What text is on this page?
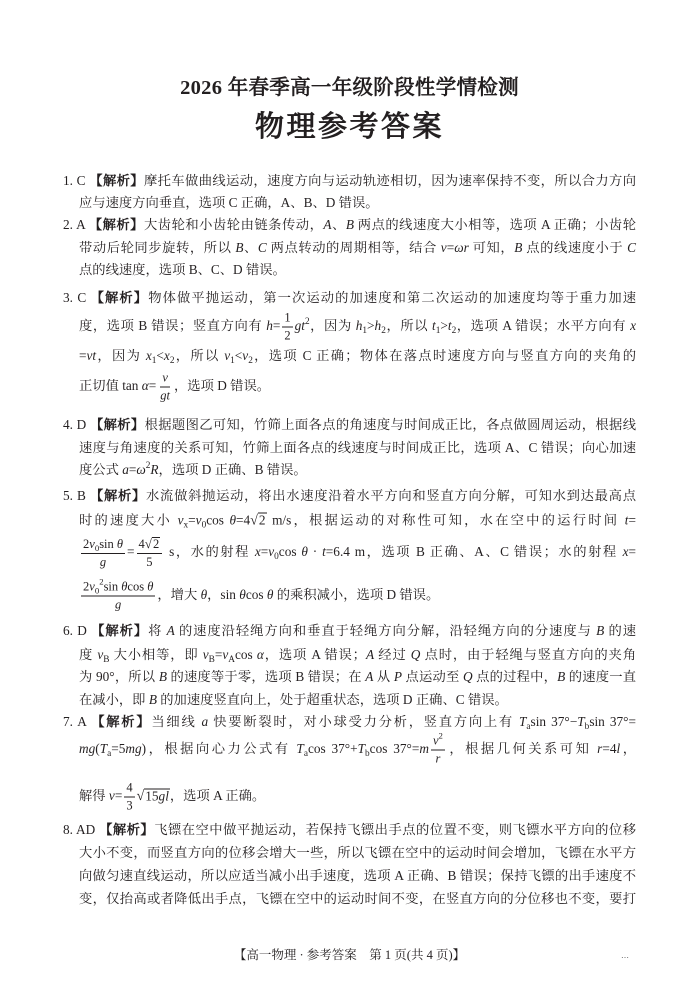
2026 年春季高一年级阶段性学情检测
物理参考答案
1. C 【解析】摩托车做曲线运动，速度方向与运动轨迹相切，因为速率保持不变，所以合力方向
应与速度方向垂直，选项 C 正确，A、B、D 错误。
2. A 【解析】大齿轮和小齿轮由链条传动，A、B 两点的线速度大小相等，选项 A 正确；小齿轮
带动后轮同步旋转，所以 B、C 两点转动的周期相等，结合 v=ωr 可知，B 点的线速度小于 C
点的线速度，选项 B、C、D 错误。
3. C 【解析】物体做平抛运动，第一次运动的加速度和第二次运动的加速度均等于重力加速
度，选项 B 错误；竖直方向有 $h= \frac{1}{2} gt^2$，因为 $h_1>h_2$，所以 $t_1>t_2$，选项 A 错误；水平方向有 x
=vt，因为 $x_1<x_2$，所以 $v_1<v_2$，选项 C 正确；物体在落点时速度方向与竖直方向的夹角的
正切值 $\tan \alpha= \frac{v}{gt}$ ，选项 D 错误。
4. D 【解析】根据题图乙可知，竹筛上面各点的角速度与时间成正比，各点做圆周运动，根据线
速度与角速度的关系可知，竹筛上面各点的线速度与时间成正比，选项 A、C 错误；向心加速
度公式 $a=\omega^2R$，选项 D 正确、B 错误。
5. B 【解析】水流做斜抛运动，将出水速度沿着水平方向和竖直方向分解，可知水到达最高点
时的速度大小 $v_x=v_0\cos$ θ=4√2 m/s，根据运动的对称性可知，水在空中的运行时间 t=
$\frac{2v_0\sin \theta}{g} = \frac{4√2}{5}$ s，水的射程 $x=v_0\cos$ θ · t=6.4 m，选项 B 正确、A、C 错误；水的射程 x=
$\frac{2v_0^2\sin \theta\cos \theta}{g}$ ，增大 θ，sin θcos θ 的乘积减小，选项 D 错误。
6. D 【解析】将 A 的速度沿轻绳方向和垂直于轻绳方向分解，沿轻绳方向的分速度与 B 的速
度 $v_B$ 大小相等，即 $v_B=v_A\cos$ α，选项 A 错误；A 经过 Q 点时，由于轻绳与竖直方向的夹角
为 90°，所以 B 的速度等于零，选项 B 错误；在 A 从 P 点运动至 Q 点的过程中，B 的速度一直
在减小，即 B 的加速度竖直向上，处于超重状态，选项 D 正确、C 错误。
7. A 【解析】当细线 a 快要断裂时，对小球受力分析，竖直方向上有 $T_a\sin$ $37^\circ-T_b\sin$ 37°=
$mg(T_a=5mg)$，根据向心力公式有 $T_a\cos$ $37^\circ+T_b\cos$ $37^\circ=m \frac{v^2}{r}$ ，根据几何关系可知 r=4l，
解得 $v= \frac{4}{3} √15gl$，选项 A 正确。
8. AD 【解析】飞镖在空中做平抛运动，若保持飞镖出手点的位置不变，则飞镖水平方向的位移
大小不变，而竖直方向的位移会增大一些，所以飞镖在空中的运动时间会增加，飞镖在水平方
向做匀速直线运动，所以应适当减小出手速度，选项 A 正确、B 错误；保持飞镖的出手速度不
变，仅抬高或者降低出手点，飞镖在空中的运动时间不变，在竖直方向的分位移也不变，要打
【高一物理 · 参考答案　第 1 页(共 4 页)】	…
